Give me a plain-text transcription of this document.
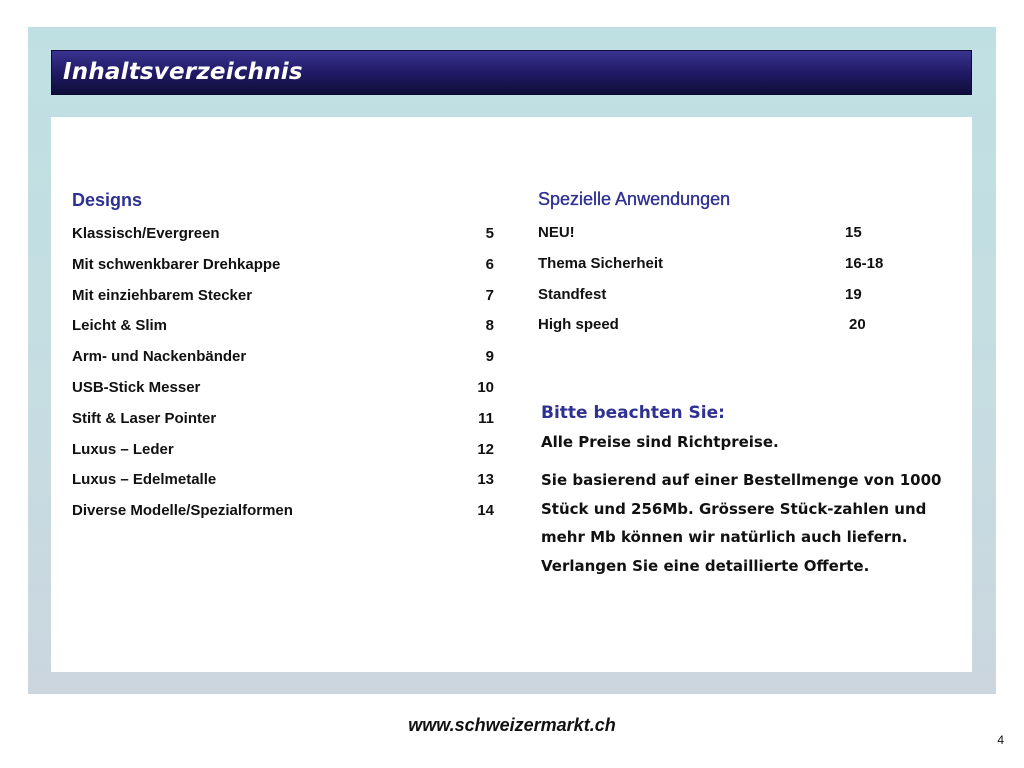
Inhaltsverzeichnis
Designs
Klassisch/Evergreen	5
Mit schwenkbarer Drehkappe	6
Mit einziehbarem Stecker	7
Leicht & Slim	8
Arm- und Nackenbänder	9
USB-Stick Messer	10
Stift & Laser Pointer	11
Luxus – Leder	12
Luxus – Edelmetalle	13
Diverse Modelle/Spezialformen	14
Spezielle Anwendungen
NEU!	15
Thema Sicherheit	16-18
Standfest	19
High speed	20
Bitte beachten Sie:
Alle Preise sind Richtpreise.

Sie basierend auf einer Bestellmenge von 1000 Stück und 256Mb. Grössere Stück-zahlen und mehr Mb können wir natürlich auch liefern. Verlangen Sie eine detaillierte Offerte.

www.schweizermarkt.ch
4
